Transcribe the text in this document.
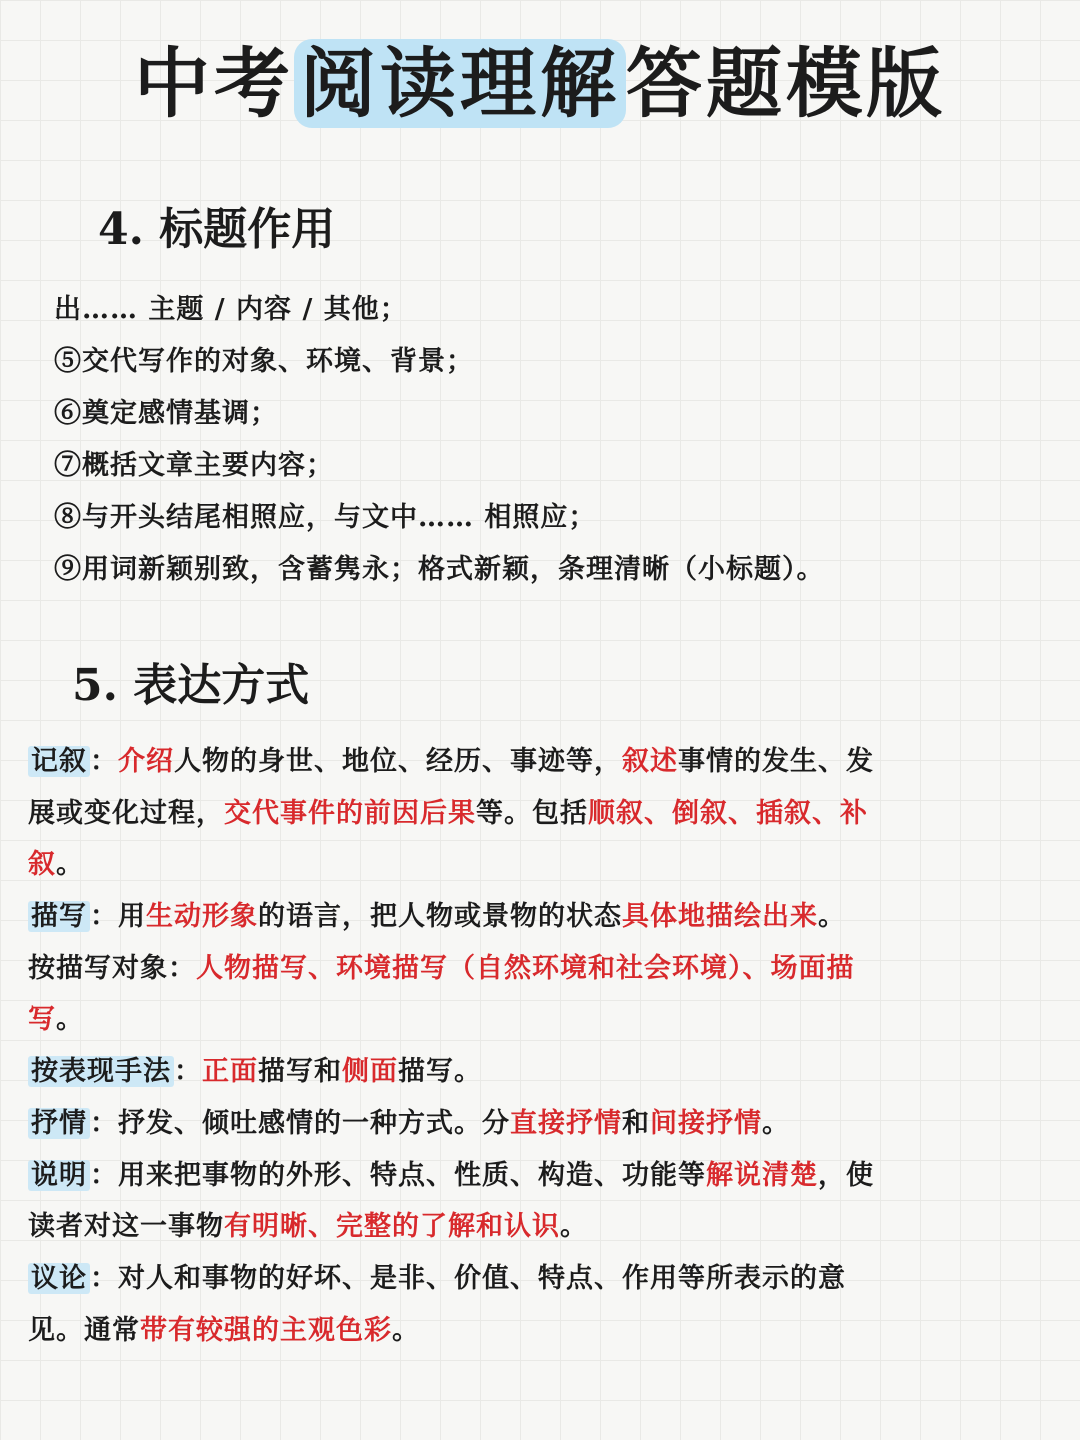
中考阅读理解答题模版
4. 标题作用
出…… 主题 / 内容 / 其他；
⑤交代写作的对象、环境、背景；
⑥奠定感情基调；
⑦概括文章主要内容；
⑧与开头结尾相照应，与文中…… 相照应；
⑨用词新颖别致，含蓄隽永；格式新颖，条理清晰（小标题）。
5. 表达方式
记叙 ：介绍人物的身世、地位、经历、事迹等，叙述事情的发生、发
展或变化过程，交代事件的前因后果等。包括顺叙、倒叙、插叙、补
叙。
描写 ：用生动形象的语言，把人物或景物的状态具体地描绘出来。
按描写对象：人物描写、环境描写（自然环境和社会环境）、场面描
写。
按表现手法 ：正面描写和侧面描写。
抒情 ：抒发、倾吐感情的一种方式。分直接抒情和间接抒情。
说明 ：用来把事物的外形、特点、性质、构造、功能等解说清楚，使
读者对这一事物有明晰、完整的了解和认识。
议论 ：对人和事物的好坏、是非、价值、特点、作用等所表示的意
见。通常带有较强的主观色彩。
